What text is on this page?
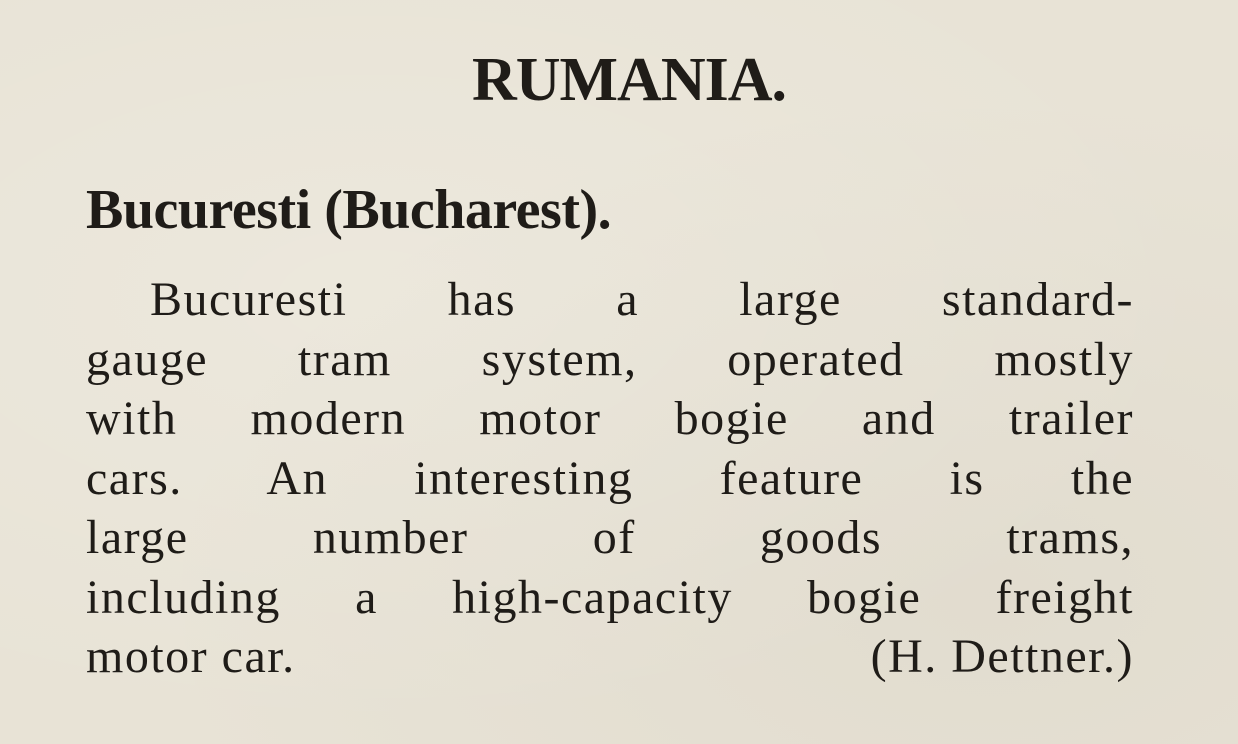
RUMANIA.
Bucuresti (Bucharest).
Bucuresti has a large standard-
gauge tram system, operated mostly
with modern motor bogie and trailer
cars. An interesting feature is the
large number of goods trams,
including a high-capacity bogie freight
motor car.	(H. Dettner.)
